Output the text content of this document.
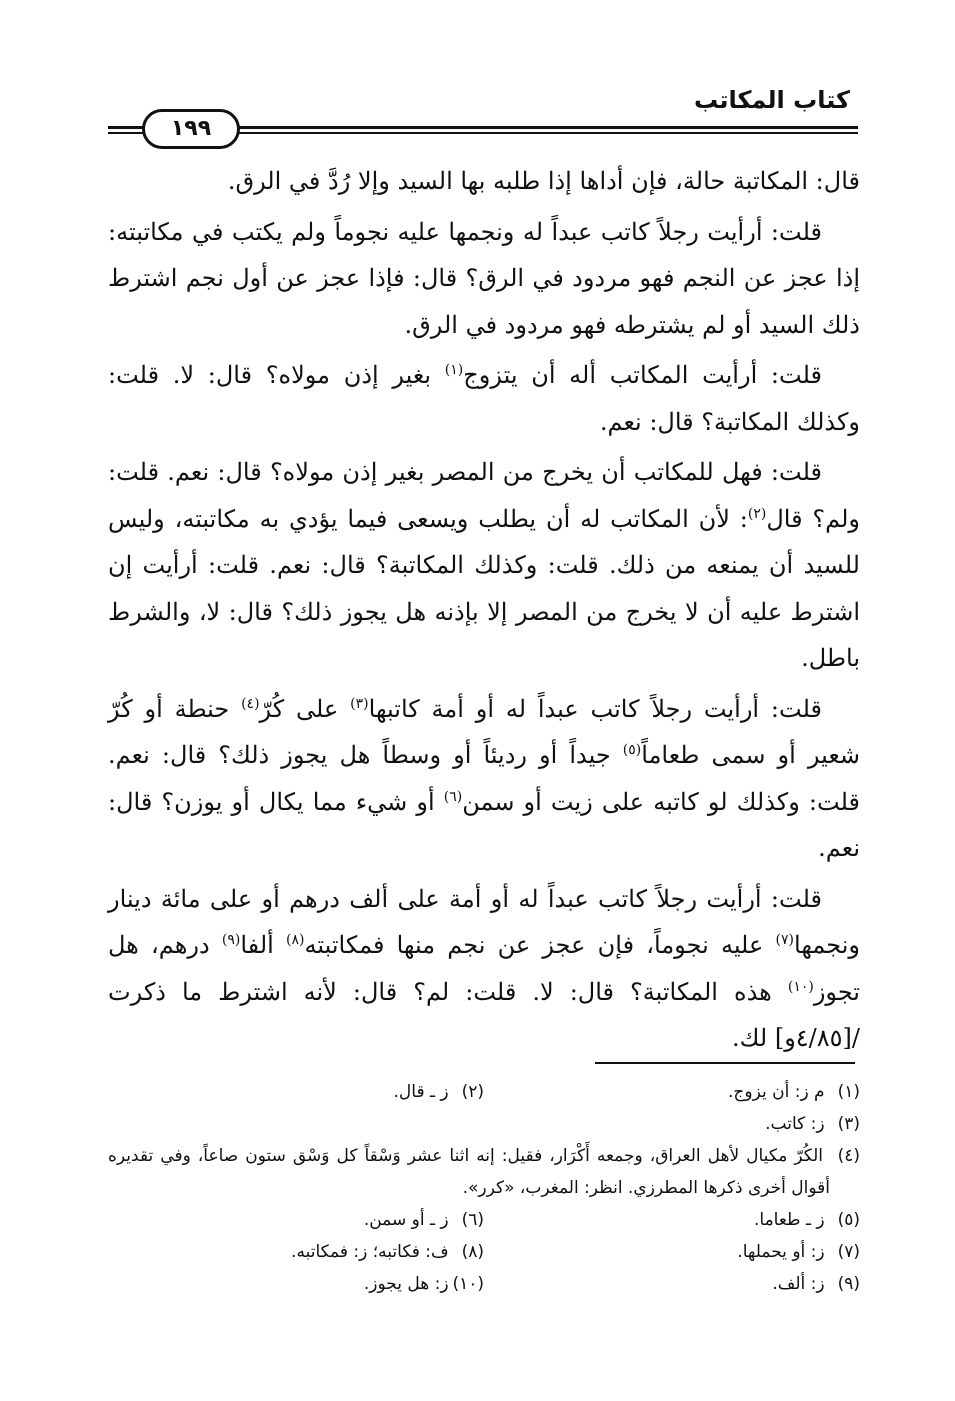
كتاب المكاتب
١٩٩

قال: المكاتبة حالة، فإن أداها إذا طلبه بها السيد وإلا رُدَّ في الرق.

قلت: أرأيت رجلاً كاتب عبداً له ونجمها عليه نجوماً ولم يكتب في مكاتبته: إذا عجز عن النجم فهو مردود في الرق؟ قال: فإذا عجز عن أول نجم اشترط ذلك السيد أو لم يشترطه فهو مردود في الرق.

قلت: أرأيت المكاتب أله أن يتزوج$^{(١)}$ بغير إذن مولاه؟ قال: لا. قلت: وكذلك المكاتبة؟ قال: نعم.

قلت: فهل للمكاتب أن يخرج من المصر بغير إذن مولاه؟ قال: نعم. قلت: ولم؟ قال$^{(٢)}$: لأن المكاتب له أن يطلب ويسعى فيما يؤدي به مكاتبته، وليس للسيد أن يمنعه من ذلك. قلت: وكذلك المكاتبة؟ قال: نعم. قلت: أرأيت إن اشترط عليه أن لا يخرج من المصر إلا بإذنه هل يجوز ذلك؟ قال: لا، والشرط باطل.

قلت: أرأيت رجلاً كاتب عبداً له أو أمة كاتبها$^{(٣)}$ على كُرّ$^{(٤)}$ حنطة أو كُرّ شعير أو سمى طعاماً$^{(٥)}$ جيداً أو رديئاً أو وسطاً هل يجوز ذلك؟ قال: نعم. قلت: وكذلك لو كاتبه على زيت أو سمن$^{(٦)}$ أو شيء مما يكال أو يوزن؟ قال: نعم.

قلت: أرأيت رجلاً كاتب عبداً له أو أمة على ألف درهم أو على مائة دينار ونجمها$^{(٧)}$ عليه نجوماً، فإن عجز عن نجم منها فمكاتبته$^{(٨)}$ ألفا$^{(٩)}$ درهم، هل تجوز$^{(١٠)}$ هذه المكاتبة؟ قال: لا. قلت: لم؟ قال: لأنه اشترط ما ذكرت /[٤/٨٥و] لك.

(١) م ز: أن يزوج.
(٢) ز ـ قال.
(٣) ز: كاتب.
(٤) الكُرّ مكيال لأهل العراق، وجمعه أَكْرَار، فقيل: إنه اثنا عشر وَسْقاً كل وَسْق ستون صاعاً، وفي تقديره أقوال أخرى ذكرها المطرزي. انظر: المغرب، «كرر».
(٥) ز ـ طعاما.
(٦) ز ـ أو سمن.
(٧) ز: أو يحملها.
(٨) ف: فكاتبه؛ ز: فمكاتبه.
(٩) ز: ألف.
(١٠) ز: هل يجوز.
